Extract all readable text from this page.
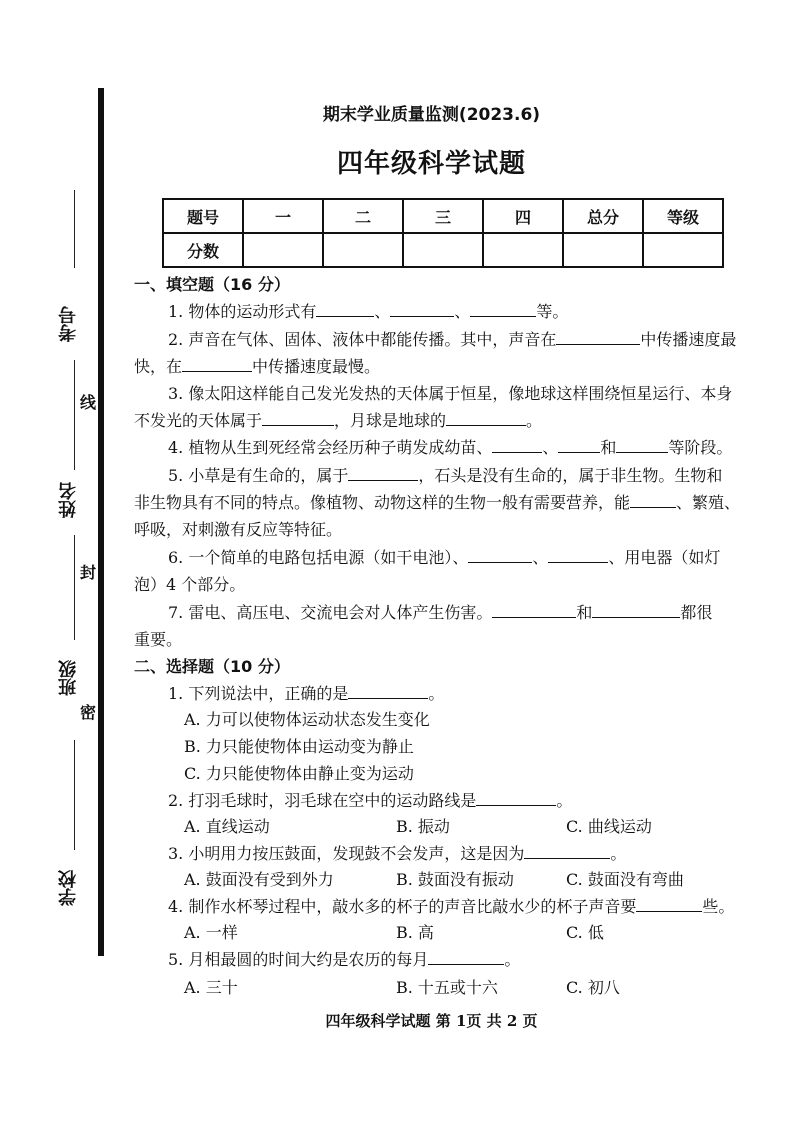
考号
线
姓名
封
班级
密
学校
期末学业质量监测(2023.6)
四年级科学试题
题号	一	二	三	四	总分	等级
分数						
一、填空题（16 分）
1. 物体的运动形式有	、	、	等。
2. 声音在气体、固体、液体中都能传播。其中，声音在	中传播速度最
快，在	中传播速度最慢。
3. 像太阳这样能自己发光发热的天体属于恒星，像地球这样围绕恒星运行、本身
不发光的天体属于	，月球是地球的	。
4. 植物从生到死经常会经历种子萌发成幼苗、	、	和	等阶段。
5. 小草是有生命的，属于	，石头是没有生命的，属于非生物。生物和
非生物具有不同的特点。像植物、动物这样的生物一般有需要营养，能	、繁殖、
呼吸，对刺激有反应等特征。
6. 一个简单的电路包括电源（如干电池）、	、	、用电器（如灯
泡）4 个部分。
7. 雷电、高压电、交流电会对人体产生伤害。	和	都很
重要。
二、选择题（10 分）
1. 下列说法中，正确的是	。
A. 力可以使物体运动状态发生变化
B. 力只能使物体由运动变为静止
C. 力只能使物体由静止变为运动
2. 打羽毛球时，羽毛球在空中的运动路线是	。
A. 直线运动	B. 振动	C. 曲线运动
3. 小明用力按压鼓面，发现鼓不会发声，这是因为	。
A. 鼓面没有受到外力	B. 鼓面没有振动	C. 鼓面没有弯曲
4. 制作水杯琴过程中，敲水多的杯子的声音比敲水少的杯子声音要	些。
A. 一样	B. 高	C. 低
5. 月相最圆的时间大约是农历的每月	。
A. 三十	B. 十五或十六	C. 初八
四年级科学试题 第 1页 共 2 页
